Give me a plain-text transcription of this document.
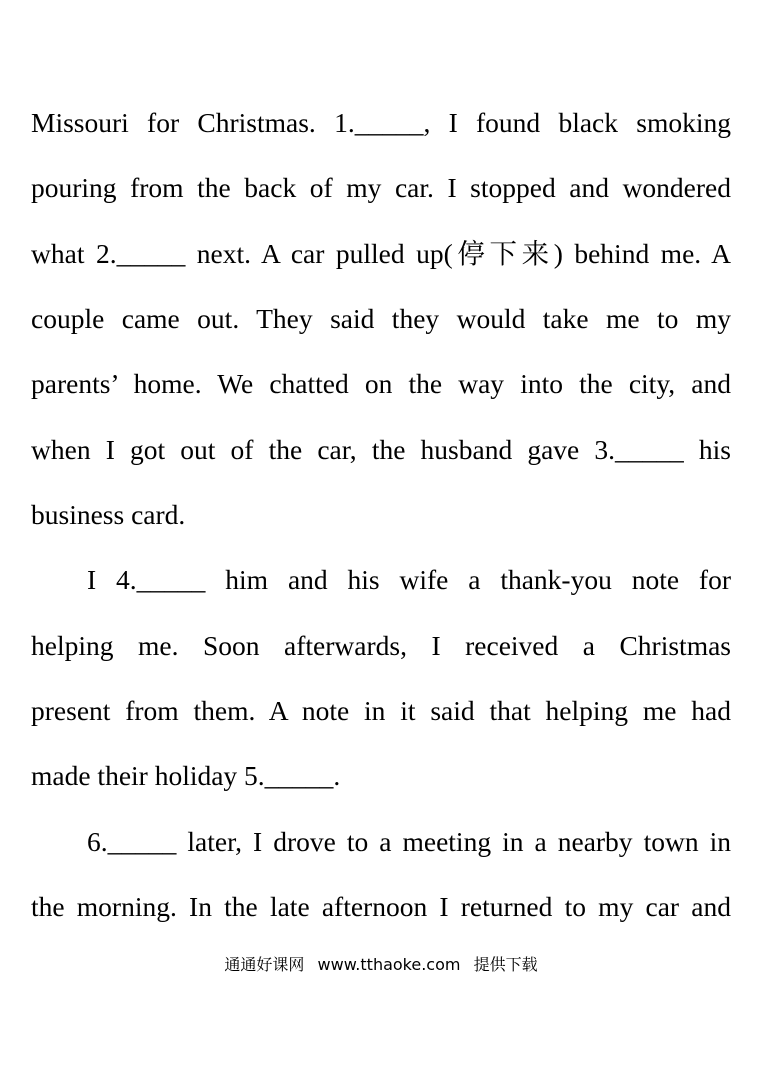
Missouri for Christmas. 1._____, I found black smoking
pouring from the back of my car. I stopped and wondered
what 2._____ next. A car pulled up(停下来) behind me. A
couple came out. They said they would take me to my
parents’ home. We chatted on the way into the city, and
when I got out of the car, the husband gave 3._____ his
business card.
I 4._____ him and his wife a thank-you note for
helping me. Soon afterwards, I received a Christmas
present from them. A note in it said that helping me had
made their holiday 5._____.
6._____ later, I drove to a meeting in a nearby town in
the morning. In the late afternoon I returned to my car and
通通好课网 www.tthaoke.com 提供下载
